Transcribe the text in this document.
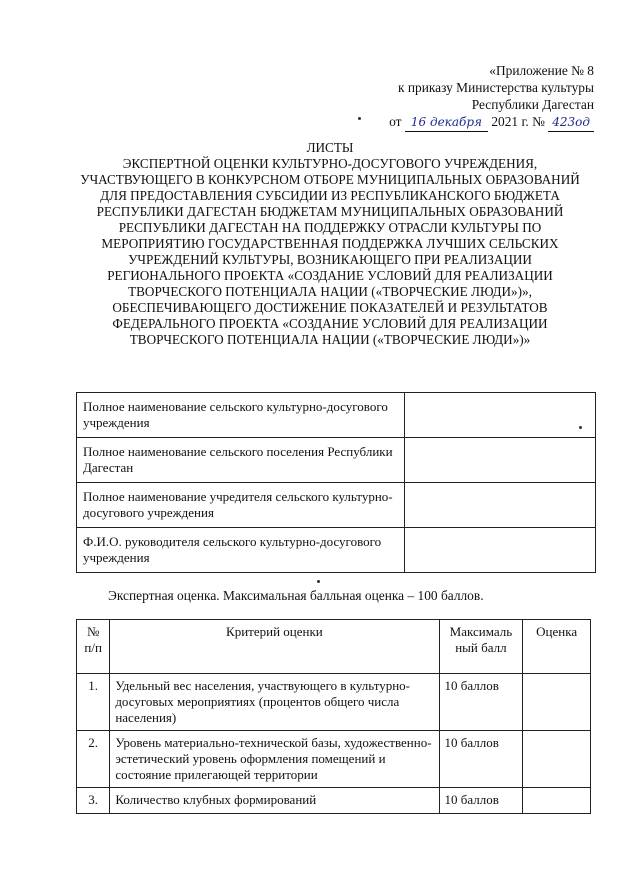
«Приложение № 8
к приказу Министерства культуры
Республики Дагестан
от 16 декабря 2021 г. № 423од
ЛИСТЫ
ЭКСПЕРТНОЙ ОЦЕНКИ КУЛЬТУРНО-ДОСУГОВОГО УЧРЕЖДЕНИЯ, УЧАСТВУЮЩЕГО В КОНКУРСНОМ ОТБОРЕ МУНИЦИПАЛЬНЫХ ОБРАЗОВАНИЙ ДЛЯ ПРЕДОСТАВЛЕНИЯ СУБСИДИИ ИЗ РЕСПУБЛИКАНСКОГО БЮДЖЕТА РЕСПУБЛИКИ ДАГЕСТАН БЮДЖЕТАМ МУНИЦИПАЛЬНЫХ ОБРАЗОВАНИЙ РЕСПУБЛИКИ ДАГЕСТАН НА ПОДДЕРЖКУ ОТРАСЛИ КУЛЬТУРЫ ПО МЕРОПРИЯТИЮ ГОСУДАРСТВЕННАЯ ПОДДЕРЖКА ЛУЧШИХ СЕЛЬСКИХ УЧРЕЖДЕНИЙ КУЛЬТУРЫ, ВОЗНИКАЮЩЕГО ПРИ РЕАЛИЗАЦИИ РЕГИОНАЛЬНОГО ПРОЕКТА «СОЗДАНИЕ УСЛОВИЙ ДЛЯ РЕАЛИЗАЦИИ ТВОРЧЕСКОГО ПОТЕНЦИАЛА НАЦИИ («ТВОРЧЕСКИЕ ЛЮДИ»)», ОБЕСПЕЧИВАЮЩЕГО ДОСТИЖЕНИЕ ПОКАЗАТЕЛЕЙ И РЕЗУЛЬТАТОВ ФЕДЕРАЛЬНОГО ПРОЕКТА «СОЗДАНИЕ УСЛОВИЙ ДЛЯ РЕАЛИЗАЦИИ ТВОРЧЕСКОГО ПОТЕНЦИАЛА НАЦИИ («ТВОРЧЕСКИЕ ЛЮДИ»)»
Полное наименование сельского культурно-досугового учреждения	
Полное наименование сельского поселения Республики Дагестан	
Полное наименование учредителя сельского культурно-досугового учреждения	
Ф.И.О. руководителя сельского культурно-досугового учреждения	
Экспертная оценка. Максимальная балльная оценка – 100 баллов.
№ п/п	Критерий оценки	Максималь ный балл	Оценка
1.	Удельный вес населения, участвующего в культурно-досуговых мероприятиях (процентов общего числа населения)	10 баллов	
2.	Уровень материально-технической базы, художественно-эстетический уровень оформления помещений и состояние прилегающей территории	10 баллов	
3.	Количество клубных формирований	10 баллов	
